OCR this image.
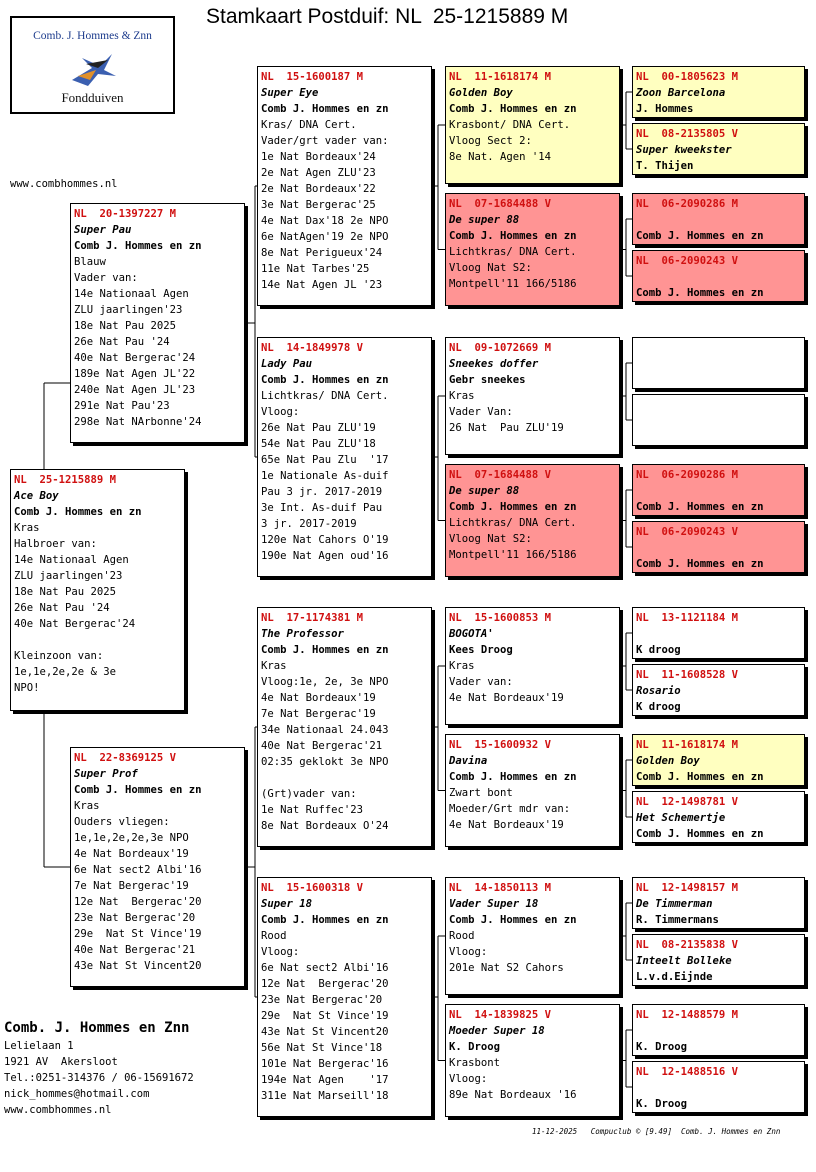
Stamkaart Postduif: NL  25-1215889 M
Comb. J. Hommes & Znn
Fondduiven
www.combhommes.nl
NL  25-1215889 M
Ace Boy
Comb J. Hommes en zn
Kras
Halbroer van:
14e Nationaal Agen
ZLU jaarlingen'23
18e Nat Pau 2025
26e Nat Pau '24
40e Nat Bergerac'24
Kleinzoon van:
1e,1e,2e,2e & 3e
NPO!
NL  20-1397227 M
Super Pau
Comb J. Hommes en zn
Blauw
Vader van:
14e Nationaal Agen
ZLU jaarlingen'23
18e Nat Pau 2025
26e Nat Pau '24
40e Nat Bergerac'24
189e Nat Agen JL'22
240e Nat Agen JL'23
291e Nat Pau'23
298e Nat NArbonne'24
NL  22-8369125 V
Super Prof
Comb J. Hommes en zn
Kras
Ouders vliegen:
1e,1e,2e,2e,3e NPO
4e Nat Bordeaux'19
6e Nat sect2 Albi'16
7e Nat Bergerac'19
12e Nat  Bergerac'20
23e Nat Bergerac'20
29e  Nat St Vince'19
40e Nat Bergerac'21
43e Nat St Vincent20
NL  15-1600187 M
Super Eye
Comb J. Hommes en zn
Kras/ DNA Cert.
Vader/grt vader van:
1e Nat Bordeaux'24
2e Nat Agen ZLU'23
2e Nat Bordeaux'22
3e Nat Bergerac'25
4e Nat Dax'18 2e NPO
6e NatAgen'19 2e NPO
8e Nat Perigueux'24
11e Nat Tarbes'25
14e Nat Agen JL '23
NL  14-1849978 V
Lady Pau
Comb J. Hommes en zn
Lichtkras/ DNA Cert.
Vloog:
26e Nat Pau ZLU'19
54e Nat Pau ZLU'18
65e Nat Pau Zlu  '17
1e Nationale As-duif
Pau 3 jr. 2017-2019
3e Int. As-duif Pau
3 jr. 2017-2019
120e Nat Cahors O'19
190e Nat Agen oud'16
NL  17-1174381 M
The Professor
Comb J. Hommes en zn
Kras
Vloog:1e, 2e, 3e NPO
4e Nat Bordeaux'19
7e Nat Bergerac'19
34e Nationaal 24.043
40e Nat Bergerac'21
02:35 geklokt 3e NPO
(Grt)vader van:
1e Nat Ruffec'23
8e Nat Bordeaux O'24
NL  15-1600318 V
Super 18
Comb J. Hommes en zn
Rood
Vloog:
6e Nat sect2 Albi'16
12e Nat  Bergerac'20
23e Nat Bergerac'20
29e  Nat St Vince'19
43e Nat St Vincent20
56e Nat St Vince'18
101e Nat Bergerac'16
194e Nat Agen    '17
311e Nat Marseill'18
NL  11-1618174 M
Golden Boy
Comb J. Hommes en zn
Krasbont/ DNA Cert.
Vloog Sect 2:
8e Nat. Agen '14
NL  07-1684488 V
De super 88
Comb J. Hommes en zn
Lichtkras/ DNA Cert.
Vloog Nat S2:
Montpell'11 166/5186
NL  09-1072669 M
Sneekes doffer
Gebr sneekes
Kras
Vader Van:
26 Nat  Pau ZLU'19
NL  07-1684488 V
De super 88
Comb J. Hommes en zn
Lichtkras/ DNA Cert.
Vloog Nat S2:
Montpell'11 166/5186
NL  15-1600853 M
BOGOTA'
Kees Droog
Kras
Vader van:
4e Nat Bordeaux'19
NL  15-1600932 V
Davina
Comb J. Hommes en zn
Zwart bont
Moeder/Grt mdr van:
4e Nat Bordeaux'19
NL  14-1850113 M
Vader Super 18
Comb J. Hommes en zn
Rood
Vloog:
201e Nat S2 Cahors
NL  14-1839825 V
Moeder Super 18
K. Droog
Krasbont
Vloog:
89e Nat Bordeaux '16
NL  00-1805623 M
Zoon Barcelona
J. Hommes
NL  08-2135805 V
Super kweekster
T. Thijen
NL  06-2090286 M
Comb J. Hommes en zn
NL  06-2090243 V
Comb J. Hommes en zn
NL  06-2090286 M
Comb J. Hommes en zn
NL  06-2090243 V
Comb J. Hommes en zn
NL  13-1121184 M
K droog
NL  11-1608528 V
Rosario
K droog
NL  11-1618174 M
Golden Boy
Comb J. Hommes en zn
NL  12-1498781 V
Het Schemertje
Comb J. Hommes en zn
NL  12-1498157 M
De Timmerman
R. Timmermans
NL  08-2135838 V
Inteelt Bolleke
L.v.d.Eijnde
NL  12-1488579 M
K. Droog
NL  12-1488516 V
K. Droog
Comb. J. Hommes en Znn
Lelielaan 1
1921 AV  Akersloot
Tel.:0251-314376 / 06-15691672
nick_hommes@hotmail.com
www.combhommes.nl
11-12-2025   Compuclub © [9.49]  Comb. J. Hommes en Znn
